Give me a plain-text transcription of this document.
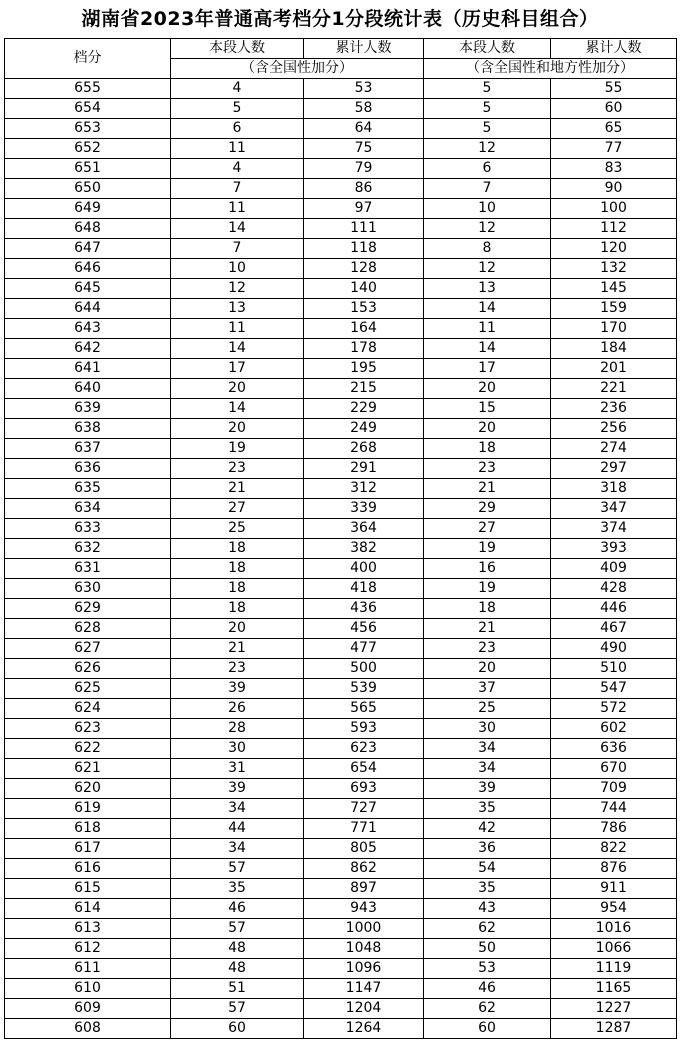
湖南省2023年普通高考档分1分段统计表（历史科目组合）
档分	本段人数	累计人数	本段人数	累计人数
	（含全国性加分）		（含全国性和地方性加分）	
655	4	53	5	55
654	5	58	5	60
653	6	64	5	65
652	11	75	12	77
651	4	79	6	83
650	7	86	7	90
649	11	97	10	100
648	14	111	12	112
647	7	118	8	120
646	10	128	12	132
645	12	140	13	145
644	13	153	14	159
643	11	164	11	170
642	14	178	14	184
641	17	195	17	201
640	20	215	20	221
639	14	229	15	236
638	20	249	20	256
637	19	268	18	274
636	23	291	23	297
635	21	312	21	318
634	27	339	29	347
633	25	364	27	374
632	18	382	19	393
631	18	400	16	409
630	18	418	19	428
629	18	436	18	446
628	20	456	21	467
627	21	477	23	490
626	23	500	20	510
625	39	539	37	547
624	26	565	25	572
623	28	593	30	602
622	30	623	34	636
621	31	654	34	670
620	39	693	39	709
619	34	727	35	744
618	44	771	42	786
617	34	805	36	822
616	57	862	54	876
615	35	897	35	911
614	46	943	43	954
613	57	1000	62	1016
612	48	1048	50	1066
611	48	1096	53	1119
610	51	1147	46	1165
609	57	1204	62	1227
608	60	1264	60	1287
